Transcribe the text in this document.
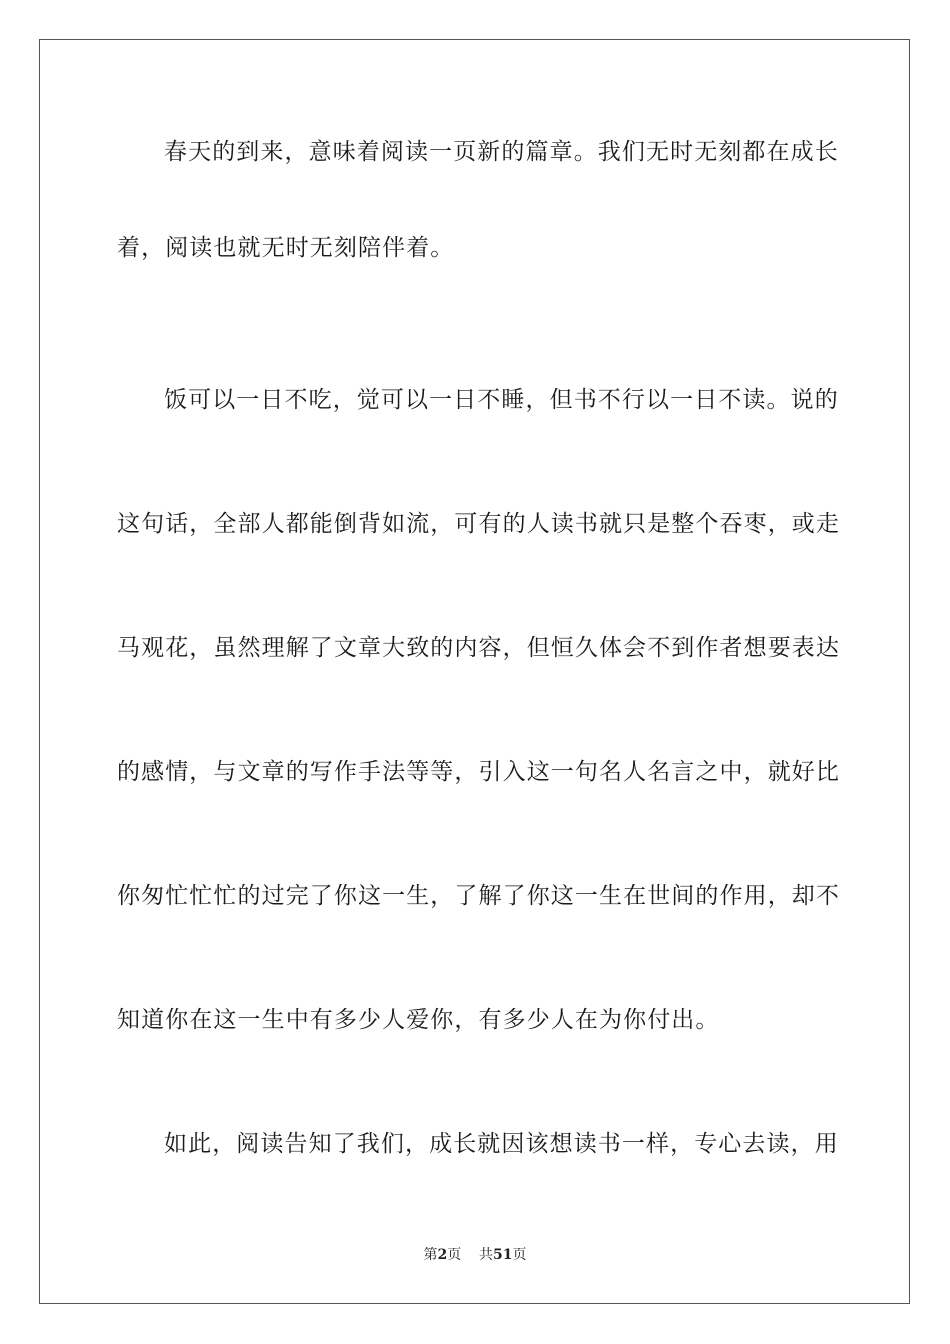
春天的到来，意味着阅读一页新的篇章。我们无时无刻都在成长
着，阅读也就无时无刻陪伴着。
饭可以一日不吃，觉可以一日不睡，但书不行以一日不读。说的
这句话，全部人都能倒背如流，可有的人读书就只是整个吞枣，或走
马观花，虽然理解了文章大致的内容，但恒久体会不到作者想要表达
的感情，与文章的写作手法等等，引入这一句名人名言之中，就好比
你匆忙忙忙的过完了你这一生，了解了你这一生在世间的作用，却不
知道你在这一生中有多少人爱你，有多少人在为你付出。
如此，阅读告知了我们，成长就因该想读书一样，专心去读，用
第2页 共51页
